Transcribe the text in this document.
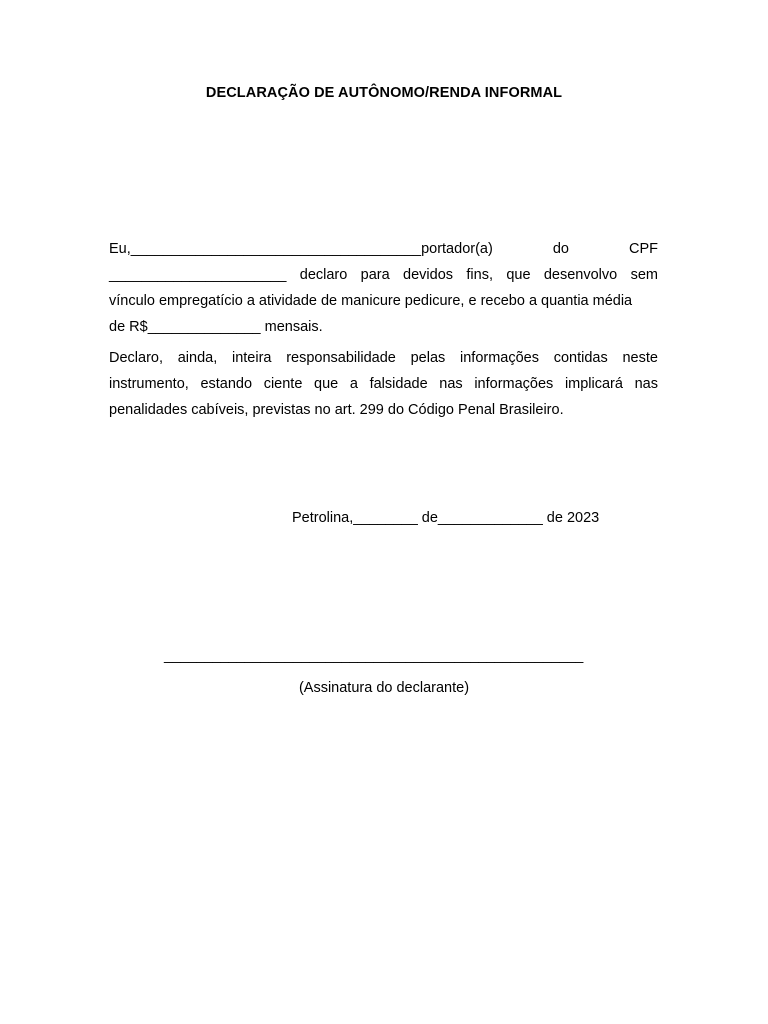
DECLARAÇÃO DE AUTÔNOMO/RENDA INFORMAL
Eu,____________________________________portador(a)	do	CPF
______________________ declaro para devidos fins, que desenvolvo sem
vínculo empregatício a atividade de manicure pedicure, e recebo a quantia média
de R$______________ mensais.
Declaro, ainda, inteira responsabilidade pelas informações contidas neste
instrumento, estando ciente que a falsidade nas informações implicará nas
penalidades cabíveis, previstas no art. 299 do Código Penal Brasileiro.
Petrolina,________ de_____________ de 2023
____________________________________________________
(Assinatura do declarante)
